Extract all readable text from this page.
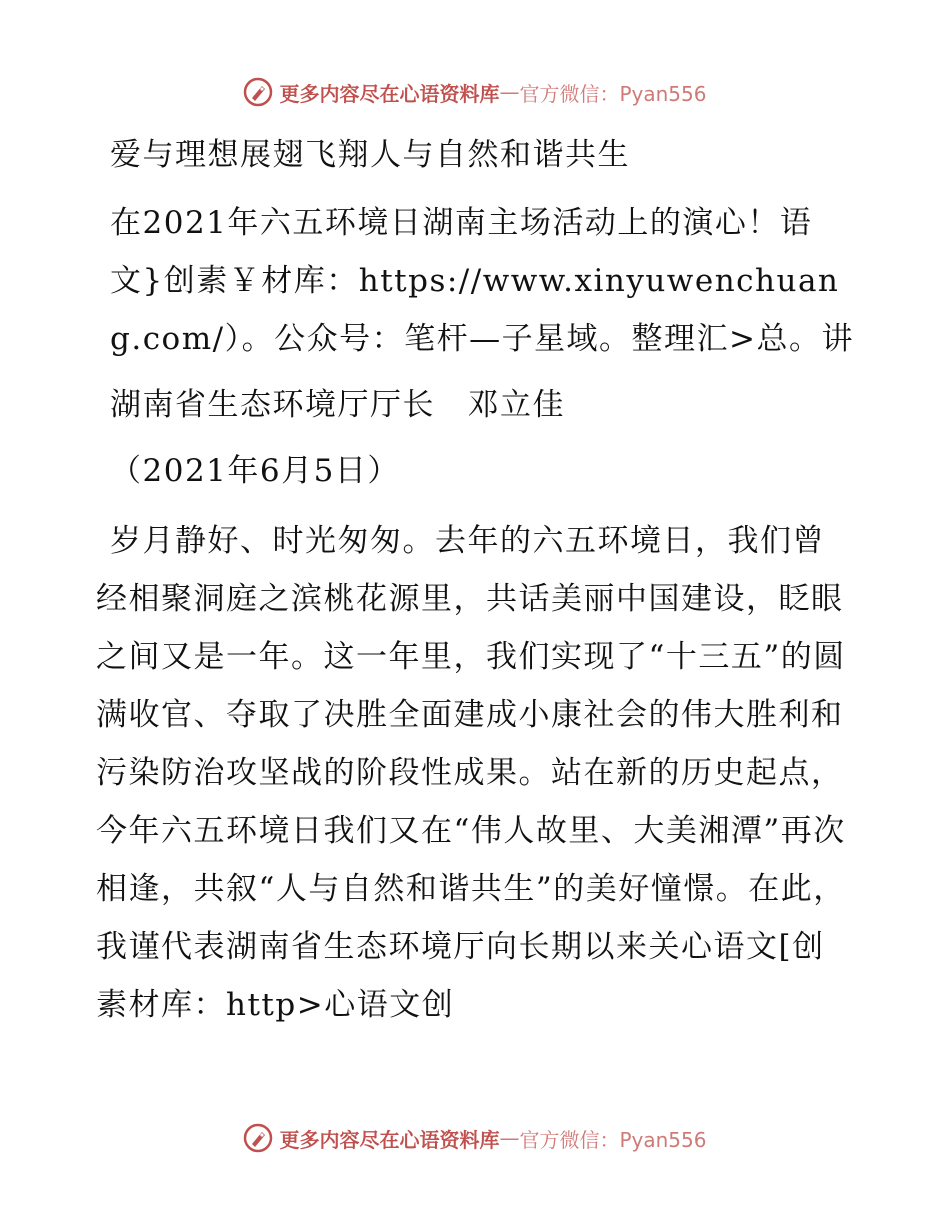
更多内容尽在心语资料库 — 官方微信：Pyan556

爱与理想展翅飞翔人与自然和谐共生

在2021年六五环境日湖南主场活动上的演心！语文}创素￥材库：https://www.xinyuwenchuang.com/）。公众号：笔杆—子星域。整理汇>总。讲

湖南省生态环境厅厅长　邓立佳

（2021年6月5日）

岁月静好、时光匆匆。去年的六五环境日，我们曾经相聚洞庭之滨桃花源里，共话美丽中国建设，眨眼之间又是一年。这一年里，我们实现了“十三五”的圆满收官、夺取了决胜全面建成小康社会的伟大胜利和污染防治攻坚战的阶段性成果。站在新的历史起点，今年六五环境日我们又在“伟人故里、大美湘潭”再次相逢，共叙“人与自然和谐共生”的美好憧憬。在此，我谨代表湖南省生态环境厅向长期以来关心语文[创素材库：http>心语文创

更多内容尽在心语资料库 — 官方微信：Pyan556
